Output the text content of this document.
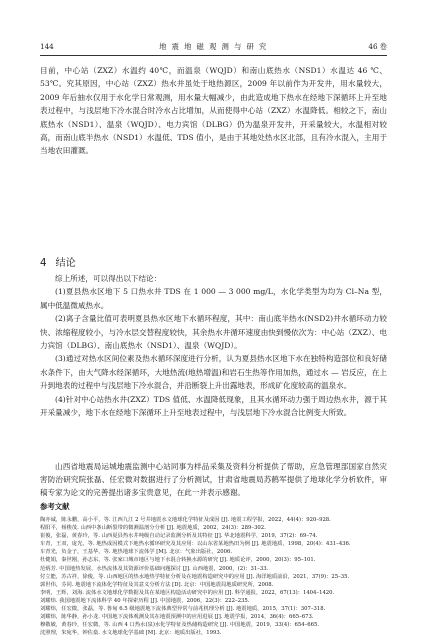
144	地 震 地 磁 观 测 与 研 究	46 卷

目前，中心站（ZXZ）水温约 40℃，而温泉（WQJD）和南山底热水（NSD1）水温达 46 ℃、53℃。究其原因，中心站（ZXZ）热水井虽处于地热源区，2009 年以前作为开发井，用水量较大，2009 年后抽水仅用于水化学日常观测，用水量大幅减少，由此造成地下热水在经地下深循环上升至地表过程中，与浅层地下冷水混合时冷水占比增加，从而使得中心站（ZXZ）水温降低。相较之下，南山底热水（NSD1）、温泉（WQJD）、电力宾馆（DLBG）仍为温泉开发井，开采量较大，水温相对较高，而南山底半热水（NSD1）水温低、TDS 值小，是由于其地处热水区北部，且有冷水混入，主用于当地农田灌溉。

4 结论

综上所述，可以得出以下结论：

(1)夏县热水区地下 5 口热水井 TDS 在 1 000 — 3 000 mg/L，水化学类型为均为 Cl–Na 型，属中低温微咸热水。

(2)离子含量比值可表明夏县热水区地下水循环程度，其中：南山底半热水(NSD2)井水循环动力较快、浓缩程度较小，与冷水层交替程度较快，其余热水井循环速度由快到慢依次为：中心站（ZXZ）、电力宾馆（DLBG）、南山底热水（NSD1）、温泉（WQJD）。

(3)通过对热水区间位素及热水循环深度进行分析，认为夏县热水区地下水在独特构造部位和良好储水条件下，由大气降水经深循环，大地热流(地热增温)和岩石生热等作用加热，通过水 — 岩反应，在上升到地表的过程中与浅层地下冷水混合，并沿断裂上升出露地表，形成矿化度较高的温泉水。

(4)针对中心站热水井(ZXZ）TDS 值低、水温降低现象，且其水循环动力强于周边热水井，源于其开采量减少，地下水在经地下深循环上升至地表过程中，与浅层地下冷水混合比例变大所致。

山西省地震局运城地震监测中心站同事为样品采集及资料分析提供了帮助，应急管理部国家自然灾害防治研究院张磊、任宏微对数据进行了分析测试，甘肃省地震局苏鹤军提供了地球化学分析软件，审稿专家为论文的完善提出诸多宝贵意见，在此一并表示感谢。

参考文献
陶亦诚，陈永鹏，高小平，等. 江西九江 2 号井地震水文地球化学特征及成因 [J]. 地震工程学报，2022，44(4)：920–928.
程阳平，杨梭茂. 山西中条山断裂带的微测温剖分分析 [J]. 地震地质，2002，24(3)：289–302.
崔俊，张磊，黄春玲，等. 山西夏县热水井吨级自动记录监测分析及其特征 [J]. 华北地震科学，2019，37(2)：69–74.
车青，王双，庞光，等. 地热成因模式下地热水循环研究及其应用：以山东省某地热田为例 [J]. 地震地质，1998，20(4)：431–436.
车青光，负金子，王基华，等. 地热地球下流体学 [M]. 北京：气象出版社，2006.
杜健娟，秦世刚，孙志东，等. 张家口城市地区与地下水混合转换水源的研究 [J]. 地质论评，2000，20(3)：95–101.
范炳芳. 中国地热发展、水热流体及其资源评价基础问题探讨 [J]. 山西地震，2000，(2)：31–33.
付立能，苏古祥，徐俊，等. 山西地区的热水地热学特征分析及在地震构造研究中的应用 [J]. 海洋地质前沿，2021，37(9)：25–35.
郭世伟，芬同. 地震地下流体化学特征及其意义分析方法 [D]. 北京：中国地震局地质研究所，2008.
李明，王辉，刘海. 流体水文地球化学数据及其在某地区构造活动研究中的应用 [J]. 科学通报，2022，67(13)：1404–1420.
刘耀炜. 我国地震地下流体科学 40 年探索历程 [J]. 中国地震，2006，22(3)：222–235.
刘耀炜，任宏微，张磊，等. 鲁甸 6.5 级地震地下流体典型异常与前兆机理分析 [J]. 地震地质，2015，37(1)：307–318.
刘耀炜，陈华静，孙小龙. 中国地下流体观测及其在地震预测中的应用进展 [J]. 地震学报，2014，36(4)：665–673.
穆敬敏，黄春玲，任宏微，等. 山西 4 口热水(泉)水化学特征及热储构造研究 [J]. 中国地震，2019，33(4)：654–665.
沈照理，朱宛华，钟佐燊. 水文地球化学基础 [M]. 北京：地质出版社，1993.
